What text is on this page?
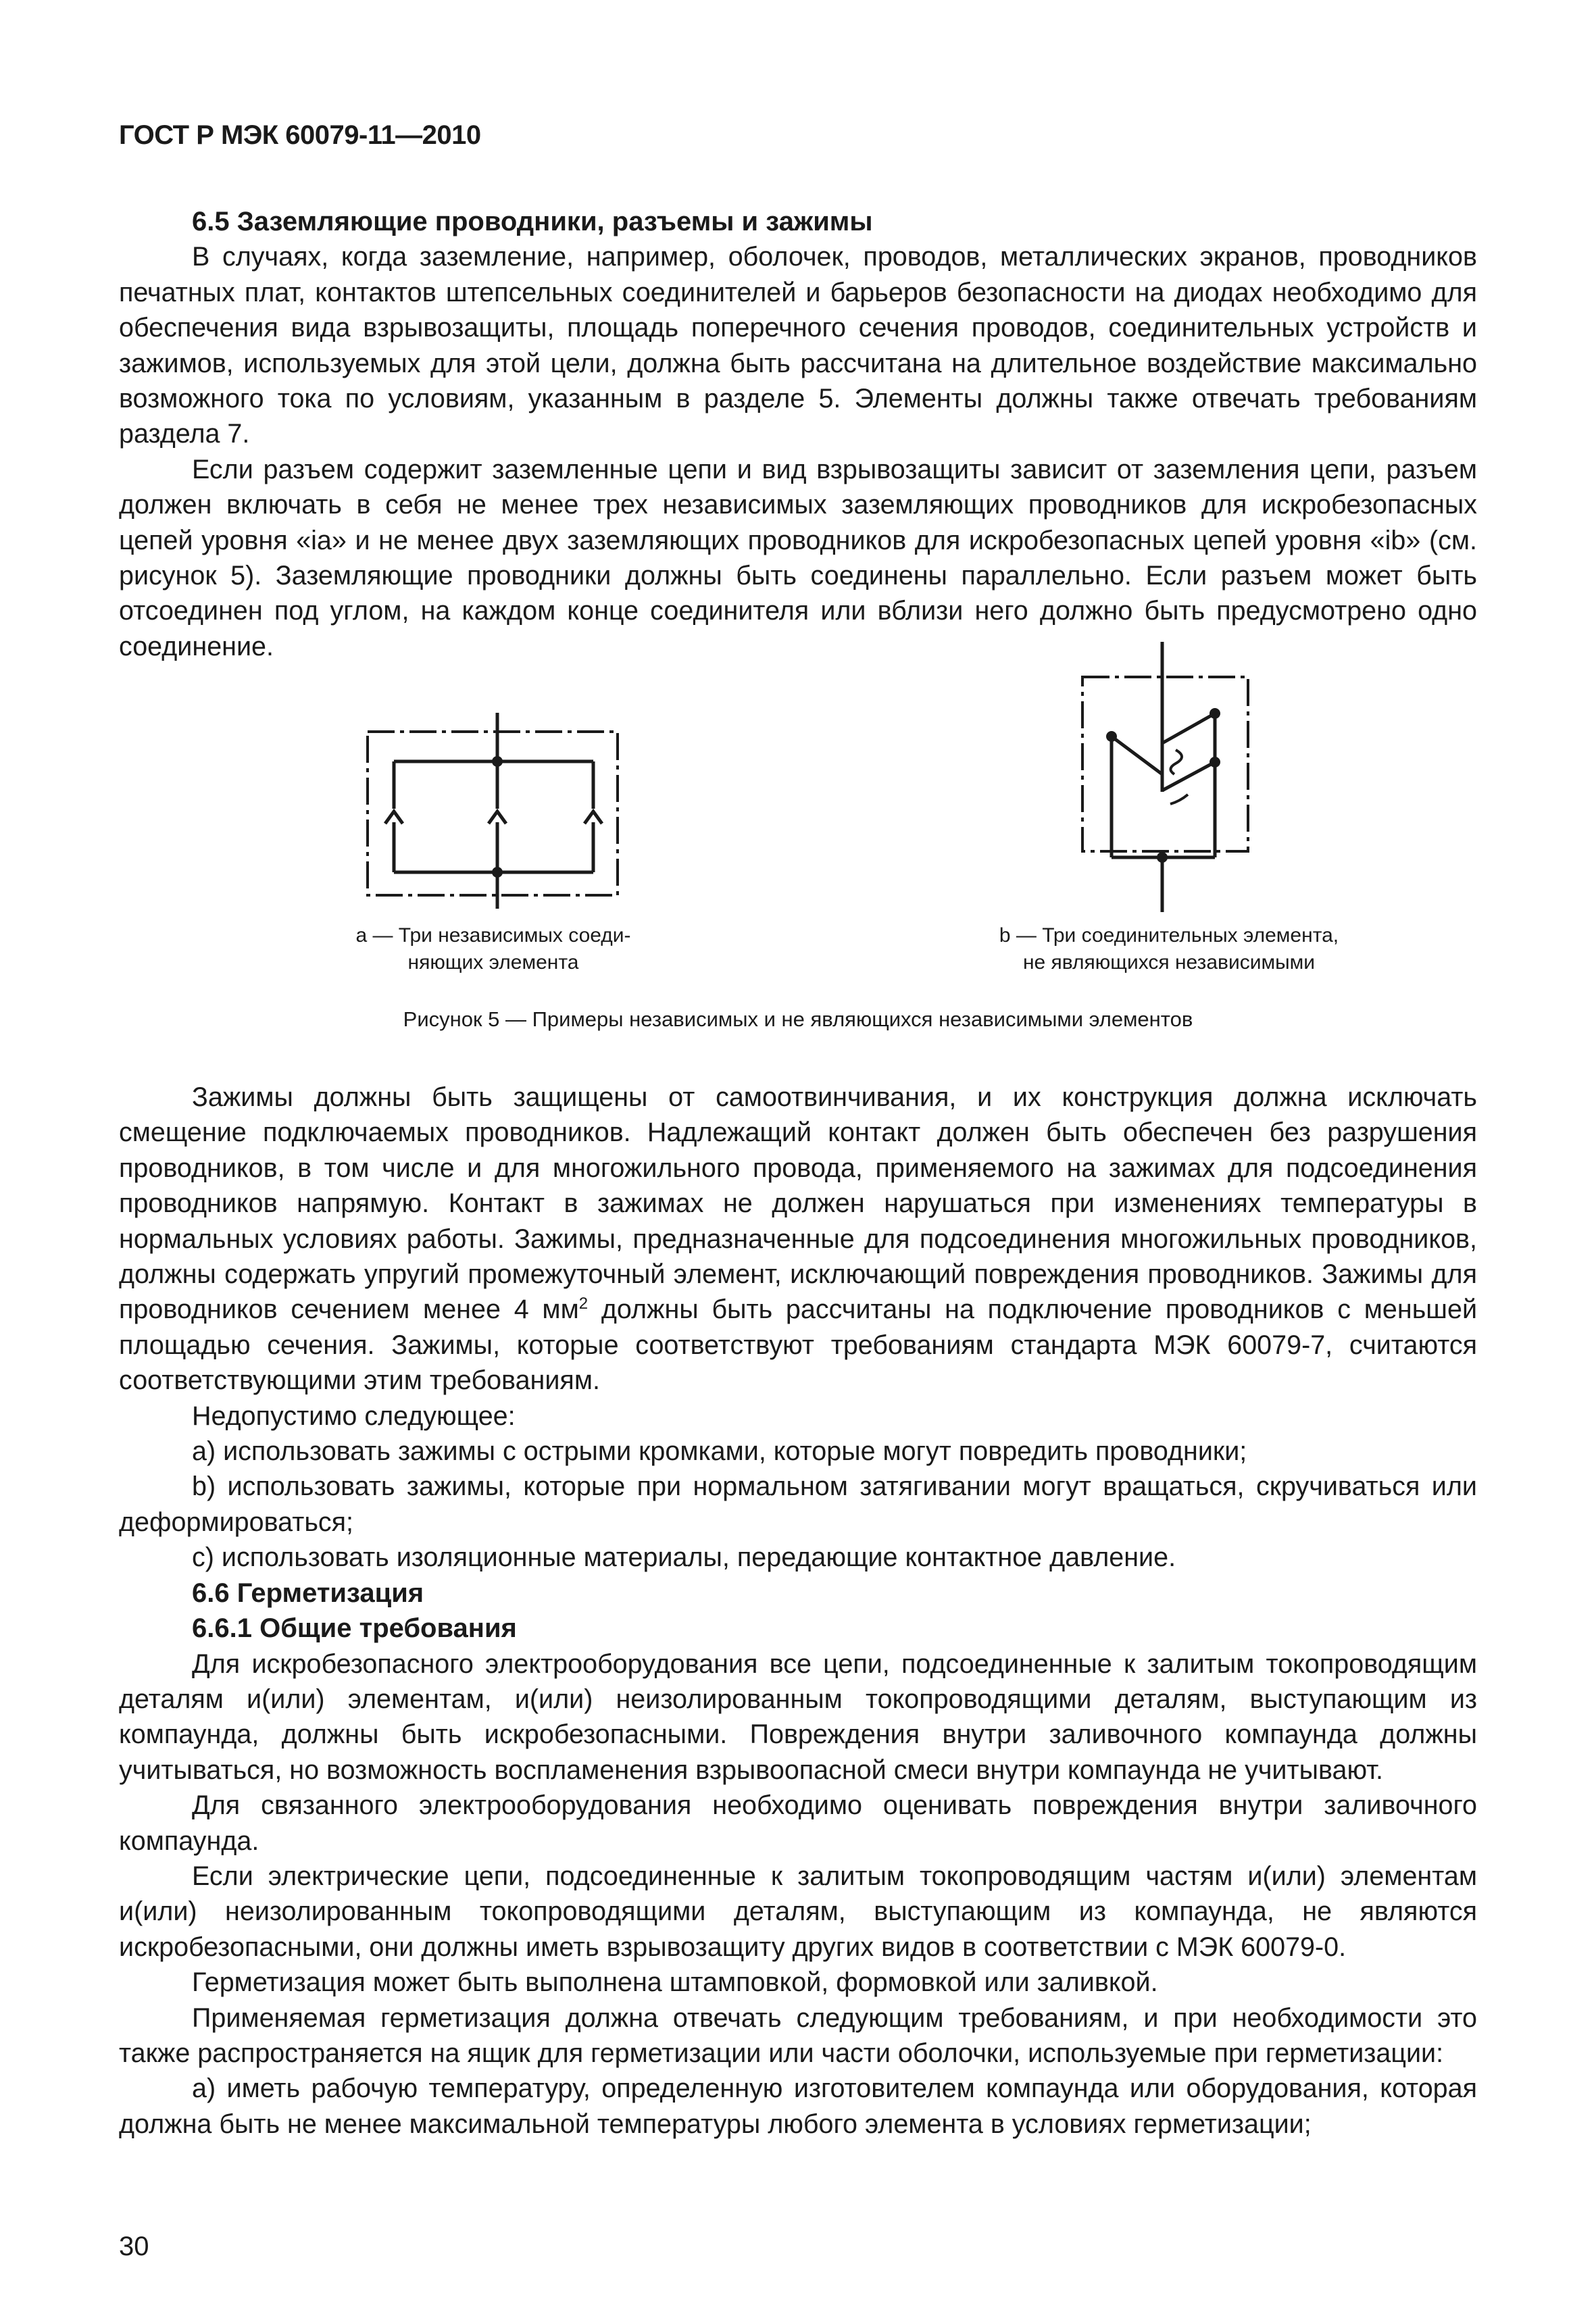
ГОСТ Р МЭК 60079-11—2010
6.5 Заземляющие проводники, разъемы и зажимы

В случаях, когда заземление, например, оболочек, проводов, металлических экранов, проводников печатных плат, контактов штепсельных соединителей и барьеров безопасности на диодах необходимо для обеспечения вида взрывозащиты, площадь поперечного сечения проводов, соединительных устройств и зажимов, используемых для этой цели, должна быть рассчитана на длительное воздействие максимально возможного тока по условиям, указанным в разделе 5. Элементы должны также отвечать требованиям раздела 7.

Если разъем содержит заземленные цепи и вид взрывозащиты зависит от заземления цепи, разъем должен включать в себя не менее трех независимых заземляющих проводников для искробезопасных цепей уровня «ia» и не менее двух заземляющих проводников для искробезопасных цепей уровня «ib» (см. рисунок 5). Заземляющие проводники должны быть соединены параллельно. Если разъем может быть отсоединен под углом, на каждом конце соединителя или вблизи него должно быть предусмотрено одно соединение.

a — Три независимых соеди-
няющих элемента
b — Три соединительных элемента,
не являющихся независимыми
Рисунок 5 — Примеры независимых и не являющихся независимыми элементов

Зажимы должны быть защищены от самоотвинчивания, и их конструкция должна исключать смещение подключаемых проводников. Надлежащий контакт должен быть обеспечен без разрушения проводников, в том числе и для многожильного провода, применяемого на зажимах для подсоединения проводников напрямую. Контакт в зажимах не должен нарушаться при изменениях температуры в нормальных условиях работы. Зажимы, предназначенные для подсоединения многожильных проводников, должны содержать упругий промежуточный элемент, исключающий повреждения проводников. Зажимы для проводников сечением менее 4 $мм^2$ должны быть рассчитаны на подключение проводников с меньшей площадью сечения. Зажимы, которые соответствуют требованиям стандарта МЭК 60079-7, считаются соответствующими этим требованиям.

Недопустимо следующее:

a) использовать зажимы с острыми кромками, которые могут повредить проводники;

b) использовать зажимы, которые при нормальном затягивании могут вращаться, скручиваться или деформироваться;

c) использовать изоляционные материалы, передающие контактное давление.

6.6 Герметизация
6.6.1 Общие требования

Для искробезопасного электрооборудования все цепи, подсоединенные к залитым токопроводящим деталям и(или) элементам, и(или) неизолированным токопроводящими деталям, выступающим из компаунда, должны быть искробезопасными. Повреждения внутри заливочного компаунда должны учитываться, но возможность воспламенения взрывоопасной смеси внутри компаунда не учитывают.

Для связанного электрооборудования необходимо оценивать повреждения внутри заливочного компаунда.

Если электрические цепи, подсоединенные к залитым токопроводящим частям и(или) элементам и(или) неизолированным токопроводящими деталям, выступающим из компаунда, не являются искробезопасными, они должны иметь взрывозащиту других видов в соответствии с МЭК 60079-0.

Герметизация может быть выполнена штамповкой, формовкой или заливкой.

Применяемая герметизация должна отвечать следующим требованиям, и при необходимости это также распространяется на ящик для герметизации или части оболочки, используемые при герметизации:

a) иметь рабочую температуру, определенную изготовителем компаунда или оборудования, которая должна быть не менее максимальной температуры любого элемента в условиях герметизации;

30
